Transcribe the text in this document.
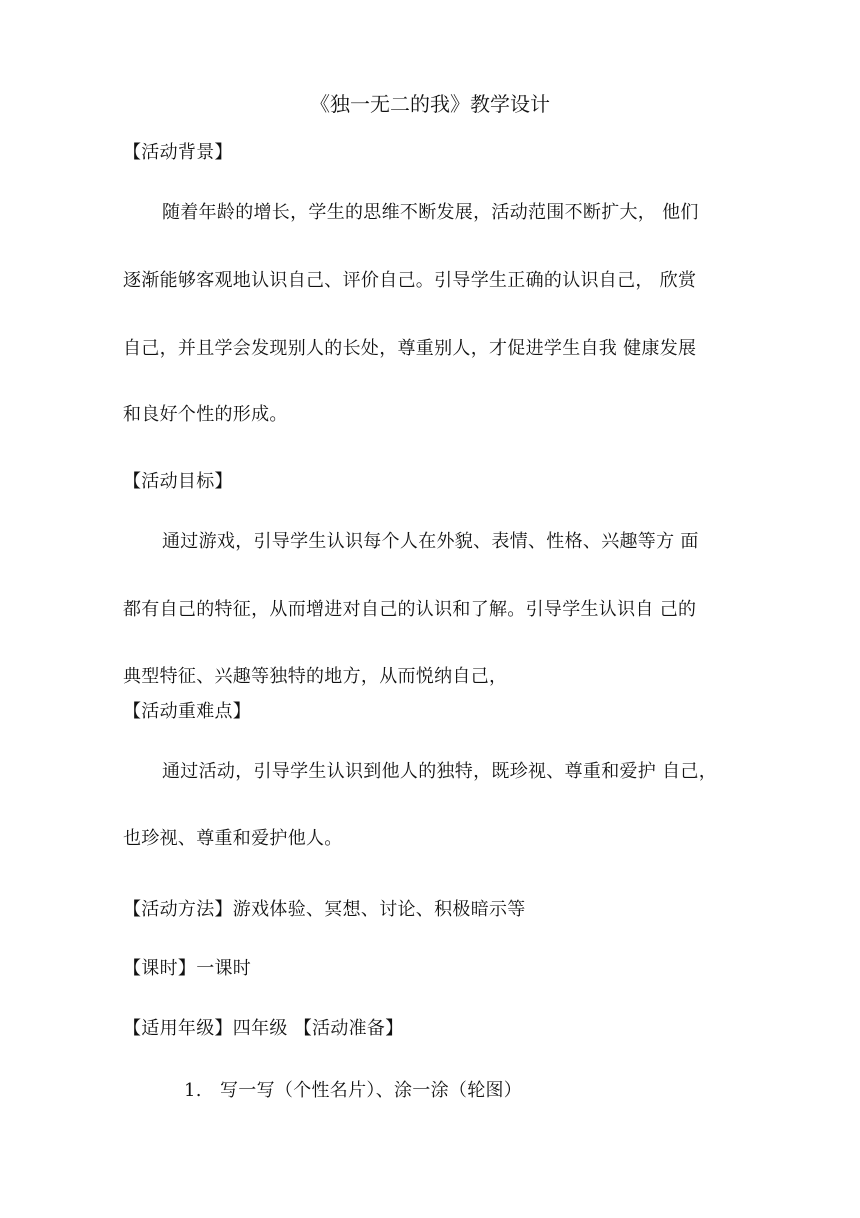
《独一无二的我》教学设计
【活动背景】
随着年龄的增长，学生的思维不断发展，活动范围不断扩大， 他们
逐渐能够客观地认识自己、评价自己。引导学生正确的认识自己， 欣赏
自己，并且学会发现别人的长处，尊重别人，才促进学生自我 健康发展
和良好个性的形成。
【活动目标】
通过游戏，引导学生认识每个人在外貌、表情、性格、兴趣等方 面
都有自己的特征，从而增进对自己的认识和了解。引导学生认识自 己的
典型特征、兴趣等独特的地方，从而悦纳自己，
【活动重难点】
通过活动，引导学生认识到他人的独特，既珍视、尊重和爱护 自己，
也珍视、尊重和爱护他人。
【活动方法】游戏体验、冥想、讨论、积极暗示等
【课时】一课时
【适用年级】四年级 【活动准备】
1. 写一写（个性名片）、涂一涂（轮图）
